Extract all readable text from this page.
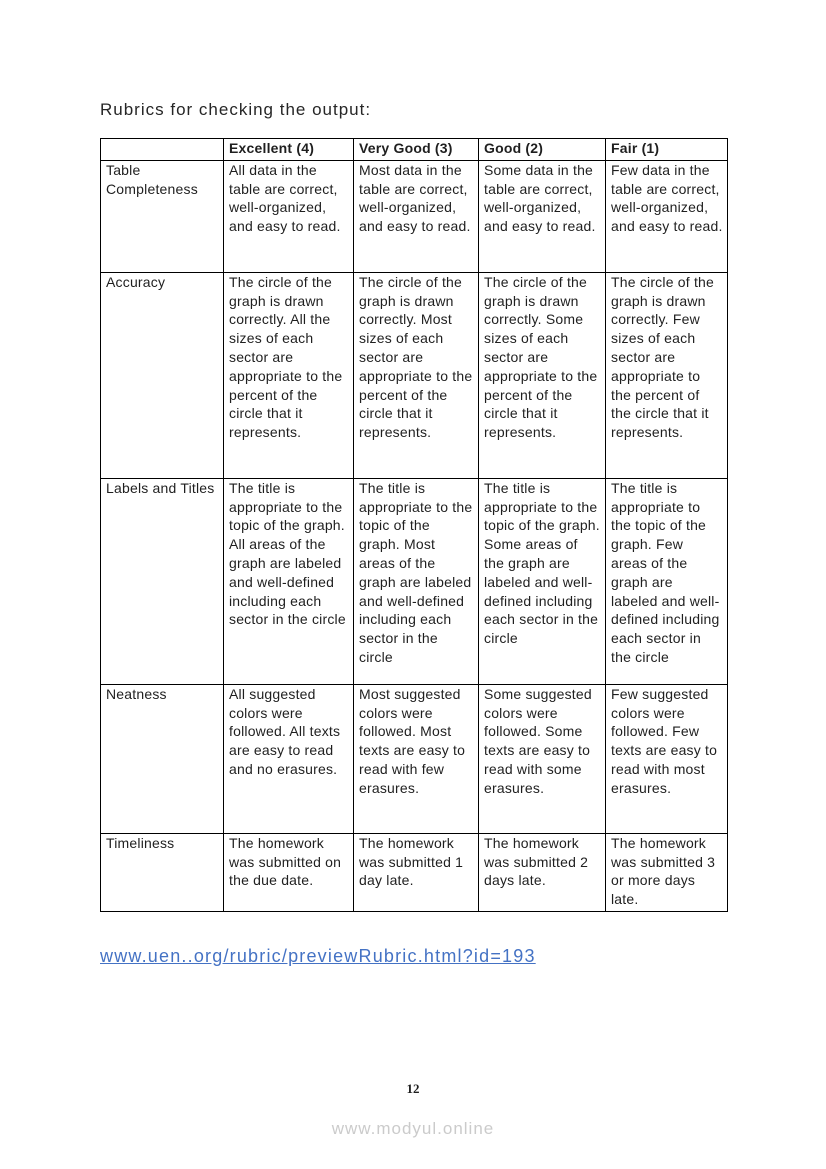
Rubrics for checking the output:
	Excellent (4)	Very Good (3)	Good (2)	Fair (1)
Table Completeness	All data in the table are correct, well-organized, and easy to read.	Most data in the table are correct, well-organized, and easy to read.	Some data in the table are correct, well-organized, and easy to read.	Few data in the table are correct, well-organized, and easy to read.
Accuracy	The circle of the graph is drawn correctly. All the sizes of each sector are appropriate to the percent of the circle that it represents.	The circle of the graph is drawn correctly. Most sizes of each sector are appropriate to the percent of the circle that it represents.	The circle of the graph is drawn correctly. Some sizes of each sector are appropriate to the percent of the circle that it represents.	The circle of the graph is drawn correctly. Few sizes of each sector are appropriate to the percent of the circle that it represents.
Labels and Titles	The title is appropriate to the topic of the graph. All areas of the graph are labeled and well-defined including each sector in the circle	The title is appropriate to the topic of the graph. Most areas of the graph are labeled and well-defined including each sector in the circle	The title is appropriate to the topic of the graph. Some areas of the graph are labeled and well-defined including each sector in the circle	The title is appropriate to the topic of the graph. Few areas of the graph are labeled and well-defined including each sector in the circle
Neatness	All suggested colors were followed. All texts are easy to read and no erasures.	Most suggested colors were followed. Most texts are easy to read with few erasures.	Some suggested colors were followed. Some texts are easy to read with some erasures.	Few suggested colors were followed. Few texts are easy to read with most erasures.
Timeliness	The homework was submitted on the due date.	The homework was submitted 1 day late.	The homework was submitted 2 days late.	The homework was submitted 3 or more days late.
www.uen..org/rubric/previewRubric.html?id=193
12
www.modyul.online
